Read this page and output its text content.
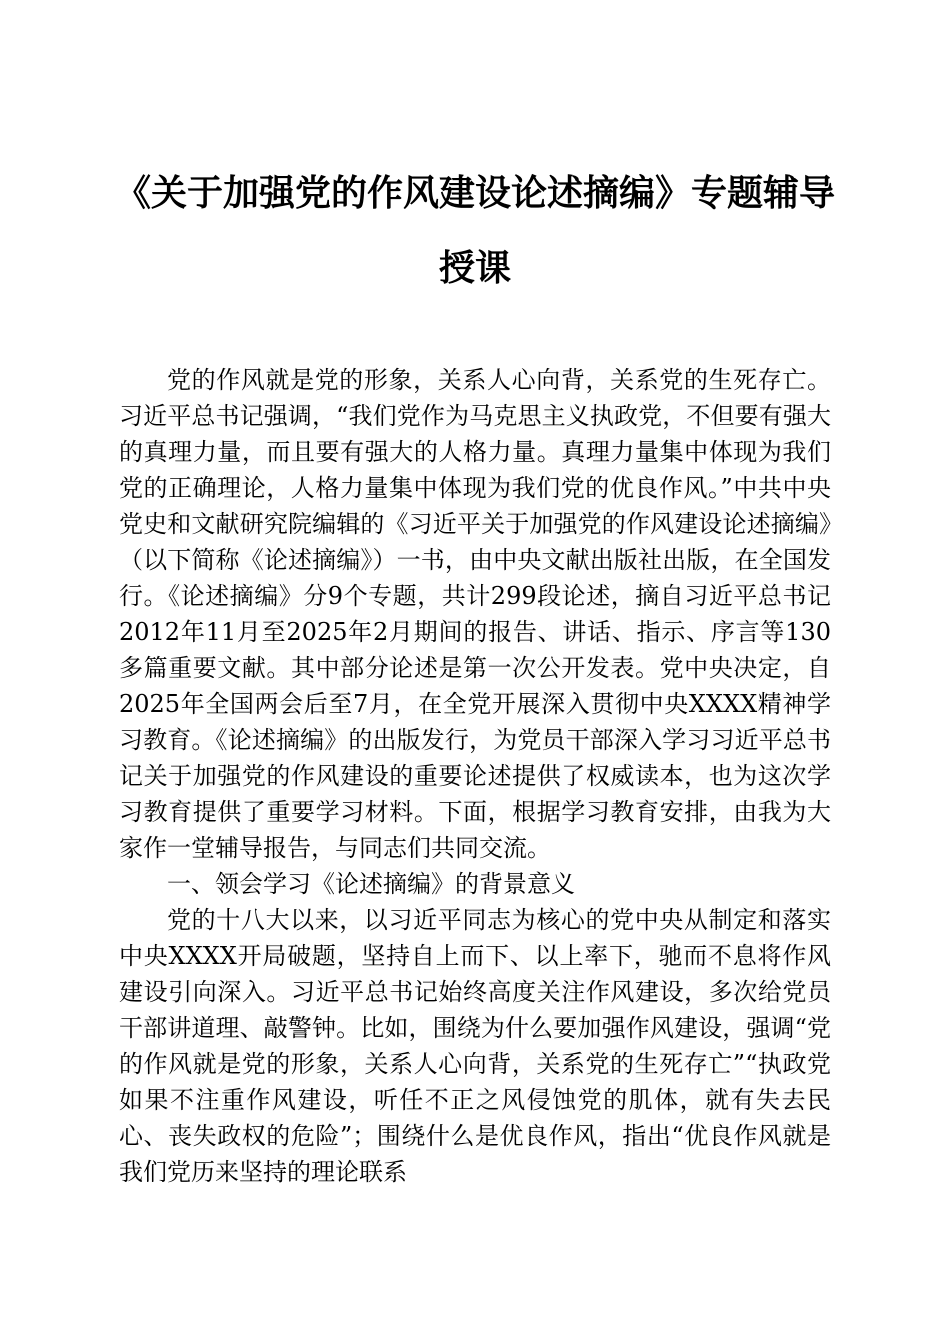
《关于加强党的作风建设论述摘编》专题辅导
授课

党的作风就是党的形象，关系人心向背，关系党的生死存亡。习近平总书记强调，“我们党作为马克思主义执政党，不但要有强大的真理力量，而且要有强大的人格力量。真理力量集中体现为我们党的正确理论，人格力量集中体现为我们党的优良作风。”中共中央党史和文献研究院编辑的《习近平关于加强党的作风建设论述摘编》（以下简称《论述摘编》）一书，由中央文献出版社出版，在全国发行。《论述摘编》分9个专题，共计299段论述，摘自习近平总书记2012年11月至2025年2月期间的报告、讲话、指示、序言等130多篇重要文献。其中部分论述是第一次公开发表。党中央决定，自2025年全国两会后至7月，在全党开展深入贯彻中央XXXX精神学习教育。《论述摘编》的出版发行，为党员干部深入学习习近平总书记关于加强党的作风建设的重要论述提供了权威读本，也为这次学习教育提供了重要学习材料。下面，根据学习教育安排，由我为大家作一堂辅导报告，与同志们共同交流。

一、领会学习《论述摘编》的背景意义

党的十八大以来，以习近平同志为核心的党中央从制定和落实中央XXXX开局破题，坚持自上而下、以上率下，驰而不息将作风建设引向深入。习近平总书记始终高度关注作风建设，多次给党员干部讲道理、敲警钟。比如，围绕为什么要加强作风建设，强调“党的作风就是党的形象，关系人心向背，关系党的生死存亡”“执政党如果不注重作风建设，听任不正之风侵蚀党的肌体，就有失去民心、丧失政权的危险”；围绕什么是优良作风，指出“优良作风就是我们党历来坚持的理论联系
